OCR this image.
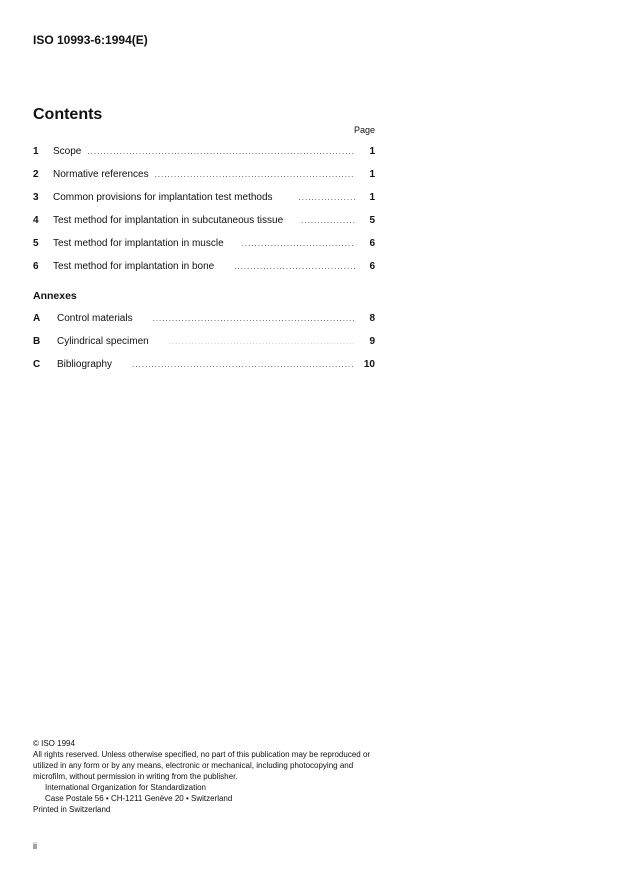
ISO 10993-6:1994(E)
Contents
Page
1	Scope .....	1
2	Normative references .....	1
3	Common provisions for implantation test methods .....	1
4	Test method for implantation in subcutaneous tissue .....	5
5	Test method for implantation in muscle .....	6
6	Test method for implantation in bone .....	6
Annexes
A	Control materials .....	8
B	Cylindrical specimen .....	9
C	Bibliography .....	10
© ISO 1994
All rights reserved. Unless otherwise specified, no part of this publication may be reproduced or utilized in any form or by any means, electronic or mechanical, including photocopying and microfilm, without permission in writing from the publisher.
International Organization for Standardization
Case Postale 56 • CH-1211 Genève 20 • Switzerland
Printed in Switzerland
ii
